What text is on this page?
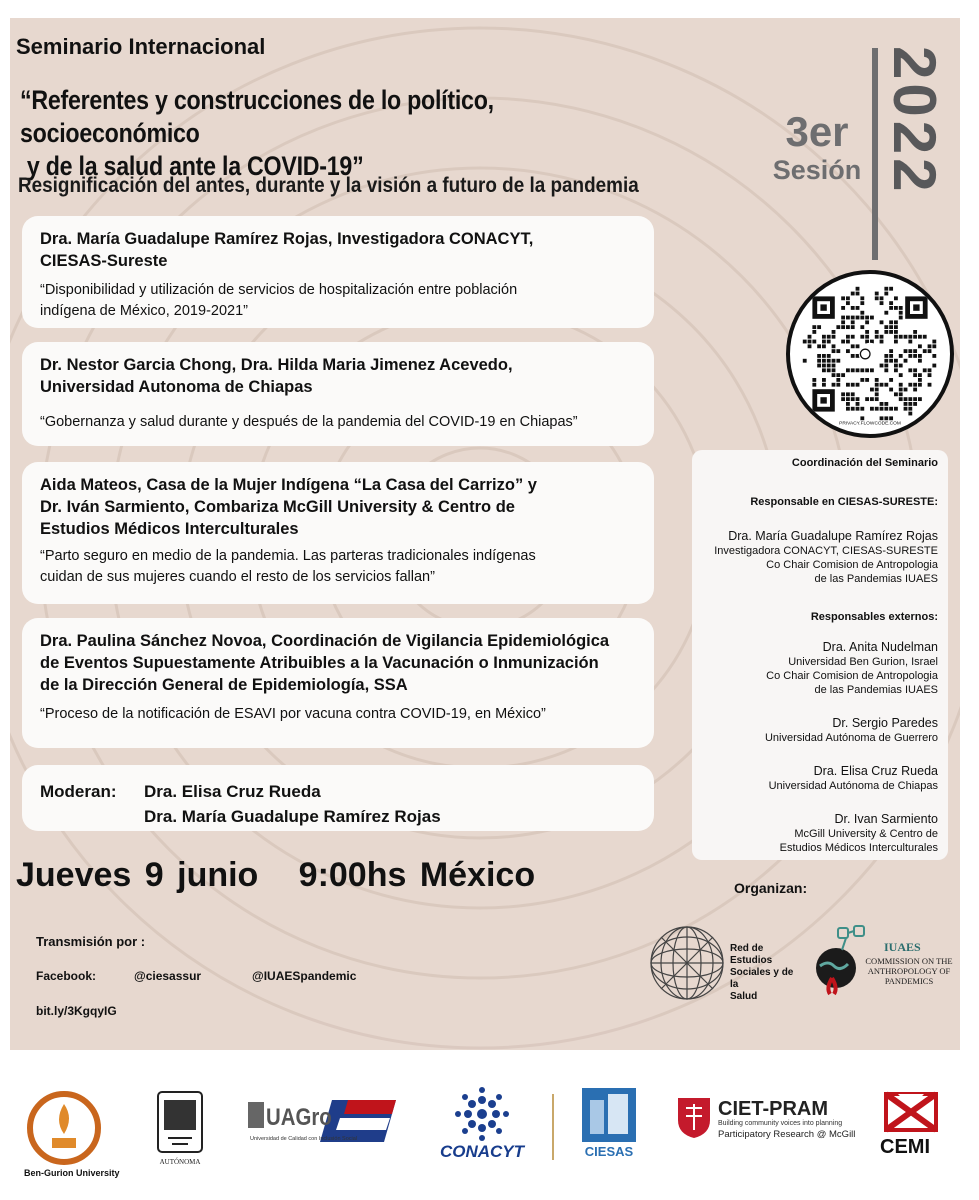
Seminario Internacional
“Referentes y construcciones de lo político, socioeconómico
y de la salud ante la COVID-19”
Resignificación del antes, durante y la visión a futuro de la pandemia
3er
Sesión 2022
PRIVACY.FLOWCODE.COM
Dra. María Guadalupe Ramírez Rojas, Investigadora CONACYT,
CIESAS-Sureste
“Disponibilidad y utilización de servicios de hospitalización entre población
indígena de México, 2019-2021”
Dr. Nestor Garcia Chong, Dra. Hilda Maria Jimenez Acevedo,
Universidad Autonoma de Chiapas
“Gobernanza y salud durante y después de la pandemia del COVID-19 en Chiapas”
Aida Mateos, Casa de la Mujer Indígena “La Casa del Carrizo” y
Dr. Iván Sarmiento, Combariza McGill University & Centro de
Estudios Médicos Interculturales
“Parto seguro en medio de la pandemia. Las parteras tradicionales indígenas
cuidan de sus mujeres cuando el resto de los servicios fallan”
Dra. Paulina Sánchez Novoa, Coordinación de Vigilancia Epidemiológica
de Eventos Supuestamente Atribuibles a la Vacunación o Inmunización
de la Dirección General de Epidemiología, SSA
“Proceso de la notificación de ESAVI por vacuna contra COVID-19, en México”
Moderan:	Dra. Elisa Cruz Rueda
Dra. María Guadalupe Ramírez Rojas
Jueves 9 junio   9:00hs México
Transmisión por :
Facebook:	@ciesassur	@IUAESpandemic
bit.ly/3KgqyIG
Coordinación del Seminario
Responsable en CIESAS-SURESTE:
Dra. María Guadalupe Ramírez Rojas
Investigadora CONACYT, CIESAS-SURESTE
Co Chair Comision de Antropologia
de las Pandemias IUAES
Responsables externos:
Dra. Anita Nudelman
Universidad Ben Gurion, Israel
Co Chair Comision de Antropologia
de las Pandemias IUAES
Dr. Sergio Paredes
Universidad Autónoma de Guerrero
Dra. Elisa Cruz Rueda
Universidad Autónoma de Chiapas
Dr. Ivan Sarmiento
McGill University & Centro de
Estudios Médicos Interculturales
Organizan:
Red de
Estudios
Sociales y de la
Salud
IUAES
COMMISSION ON THE ANTHROPOLOGY OF PANDEMICS
Ben-Gurion University
AUTÓNOMA
UAGro
Universidad de Calidad con Inclusión Social
CONACYT	CIESAS
CIET-PRAM
Building community voices into planning
Participatory Research @ McGill
CEMI
